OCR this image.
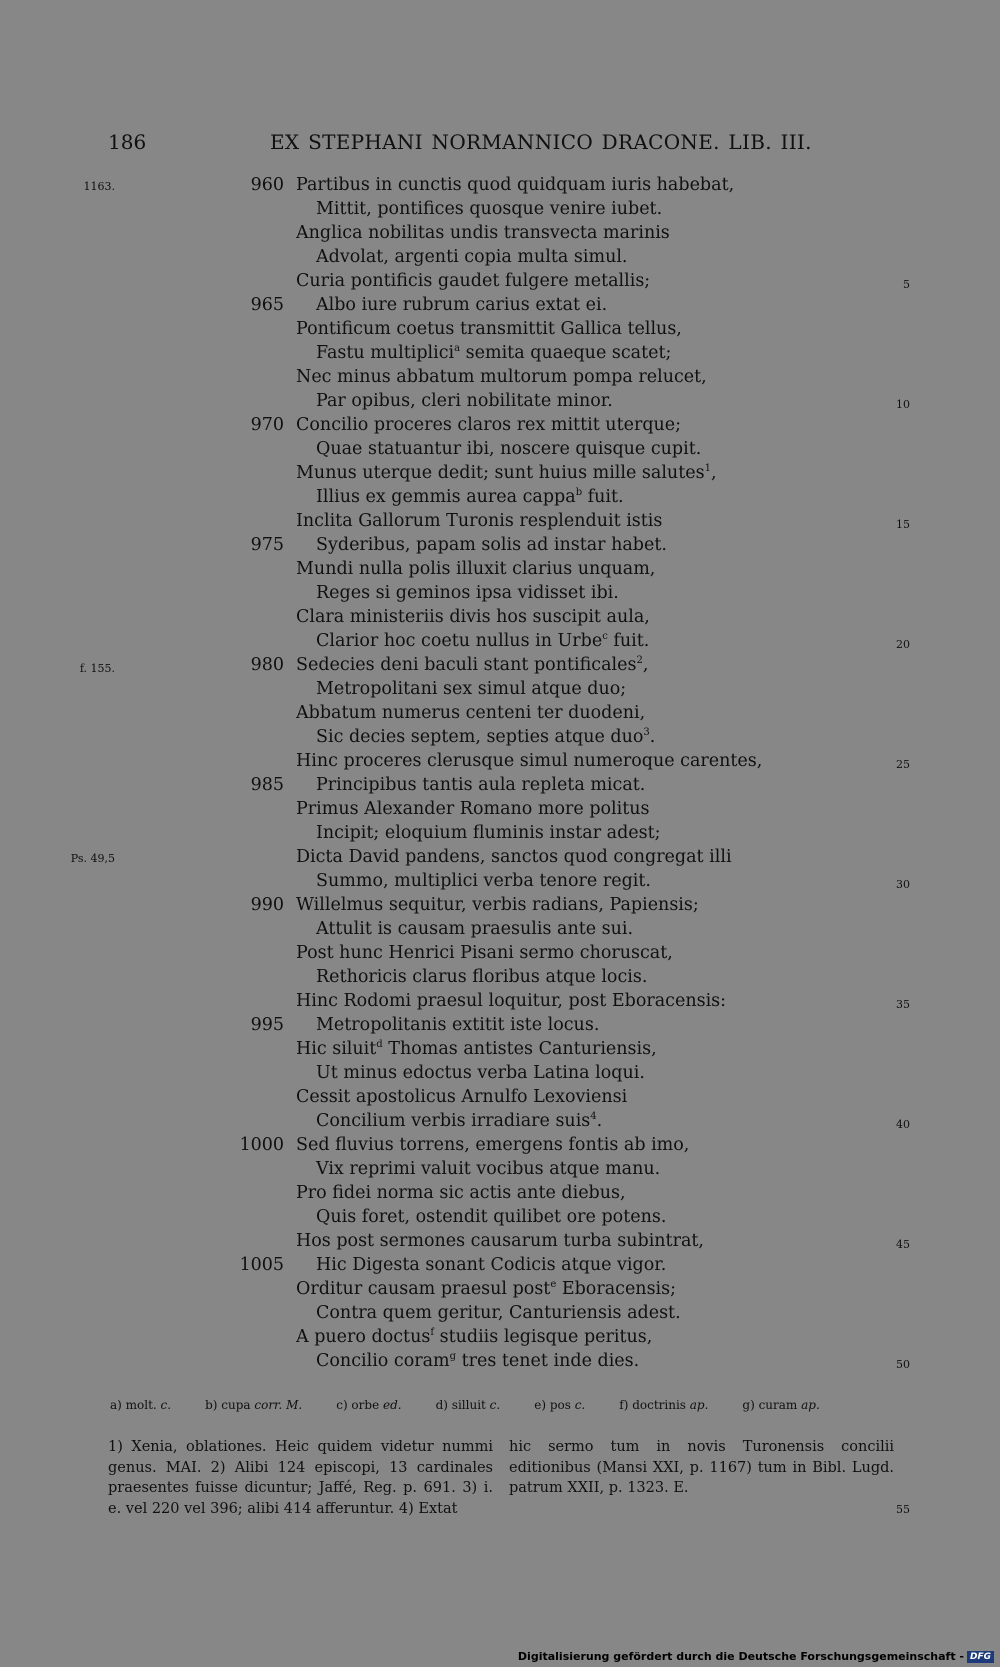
186	EX STEPHANI NORMANNICO DRACONE. LIB. III.
1163.
f. 155.
Ps. 49,5
960 Partibus in cunctis quod quidquam iuris habebat,
Mittit, pontifices quosque venire iubet.
Anglica nobilitas undis transvecta marinis
Advolat, argenti copia multa simul.
Curia pontificis gaudet fulgere metallis;	5
965 Albo iure rubrum carius extat ei.
Pontificum coetus transmittit Gallica tellus,
Fastu multiplici$^a$ semita quaeque scatet;
Nec minus abbatum multorum pompa relucet,
Par opibus, cleri nobilitate minor.	10
970 Concilio proceres claros rex mittit uterque;
Quae statuantur ibi, noscere quisque cupit.
Munus uterque dedit; sunt huius mille salutes$^1$,
Illius ex gemmis aurea cappa$^b$ fuit.
Inclita Gallorum Turonis resplenduit istis	15
975 Syderibus, papam solis ad instar habet.
Mundi nulla polis illuxit clarius unquam,
Reges si geminos ipsa vidisset ibi.
Clara ministeriis divis hos suscipit aula,
Clarior hoc coetu nullus in Urbe$^c$ fuit.	20
980 Sedecies deni baculi stant pontificales$^2$,
Metropolitani sex simul atque duo;
Abbatum numerus centeni ter duodeni,
Sic decies septem, septies atque duo$^3$.
Hinc proceres clerusque simul numeroque carentes,	25
985 Principibus tantis aula repleta micat.
Primus Alexander Romano more politus
Incipit; eloquium fluminis instar adest;
Dicta David pandens, sanctos quod congregat illi
Summo, multiplici verba tenore regit.	30
990 Willelmus sequitur, verbis radians, Papiensis;
Attulit is causam praesulis ante sui.
Post hunc Henrici Pisani sermo choruscat,
Rethoricis clarus floribus atque locis.
Hinc Rodomi praesul loquitur, post Eboracensis:	35
995 Metropolitanis extitit iste locus.
Hic siluit$^d$ Thomas antistes Canturiensis,
Ut minus edoctus verba Latina loqui.
Cessit apostolicus Arnulfo Lexoviensi
Concilium verbis irradiare suis$^4$.	40
1000 Sed fluvius torrens, emergens fontis ab imo,
Vix reprimi valuit vocibus atque manu.
Pro fidei norma sic actis ante diebus,
Quis foret, ostendit quilibet ore potens.
Hos post sermones causarum turba subintrat,	45
1005 Hic Digesta sonant Codicis atque vigor.
Orditur causam praesul post$^e$ Eboracensis;
Contra quem geritur, Canturiensis adest.
A puero doctus$^f$ studiis legisque peritus,
Concilio coram$^g$ tres tenet inde dies.	50
a) molt. c.	b) cupa corr. M.	c) orbe ed.	d) silluit c.	e) pos c.	f) doctrinis ap.	g) curam ap.
1) Xenia, oblationes. Heic quidem videtur nummi genus. MAI. 2) Alibi 124 episcopi, 13 cardinales praesentes fuisse dicuntur; Jaffé, Reg. p. 691. 3) i. e. vel 220 vel 396; alibi 414 afferuntur. 4) Extat
hic sermo tum in novis Turonensis concilii editionibus (Mansi XXI, p. 1167) tum in Bibl. Lugd. patrum XXII, p. 1323. E.
55
Digitalisierung gefördert durch die Deutsche Forschungsgemeinschaft - DFG
